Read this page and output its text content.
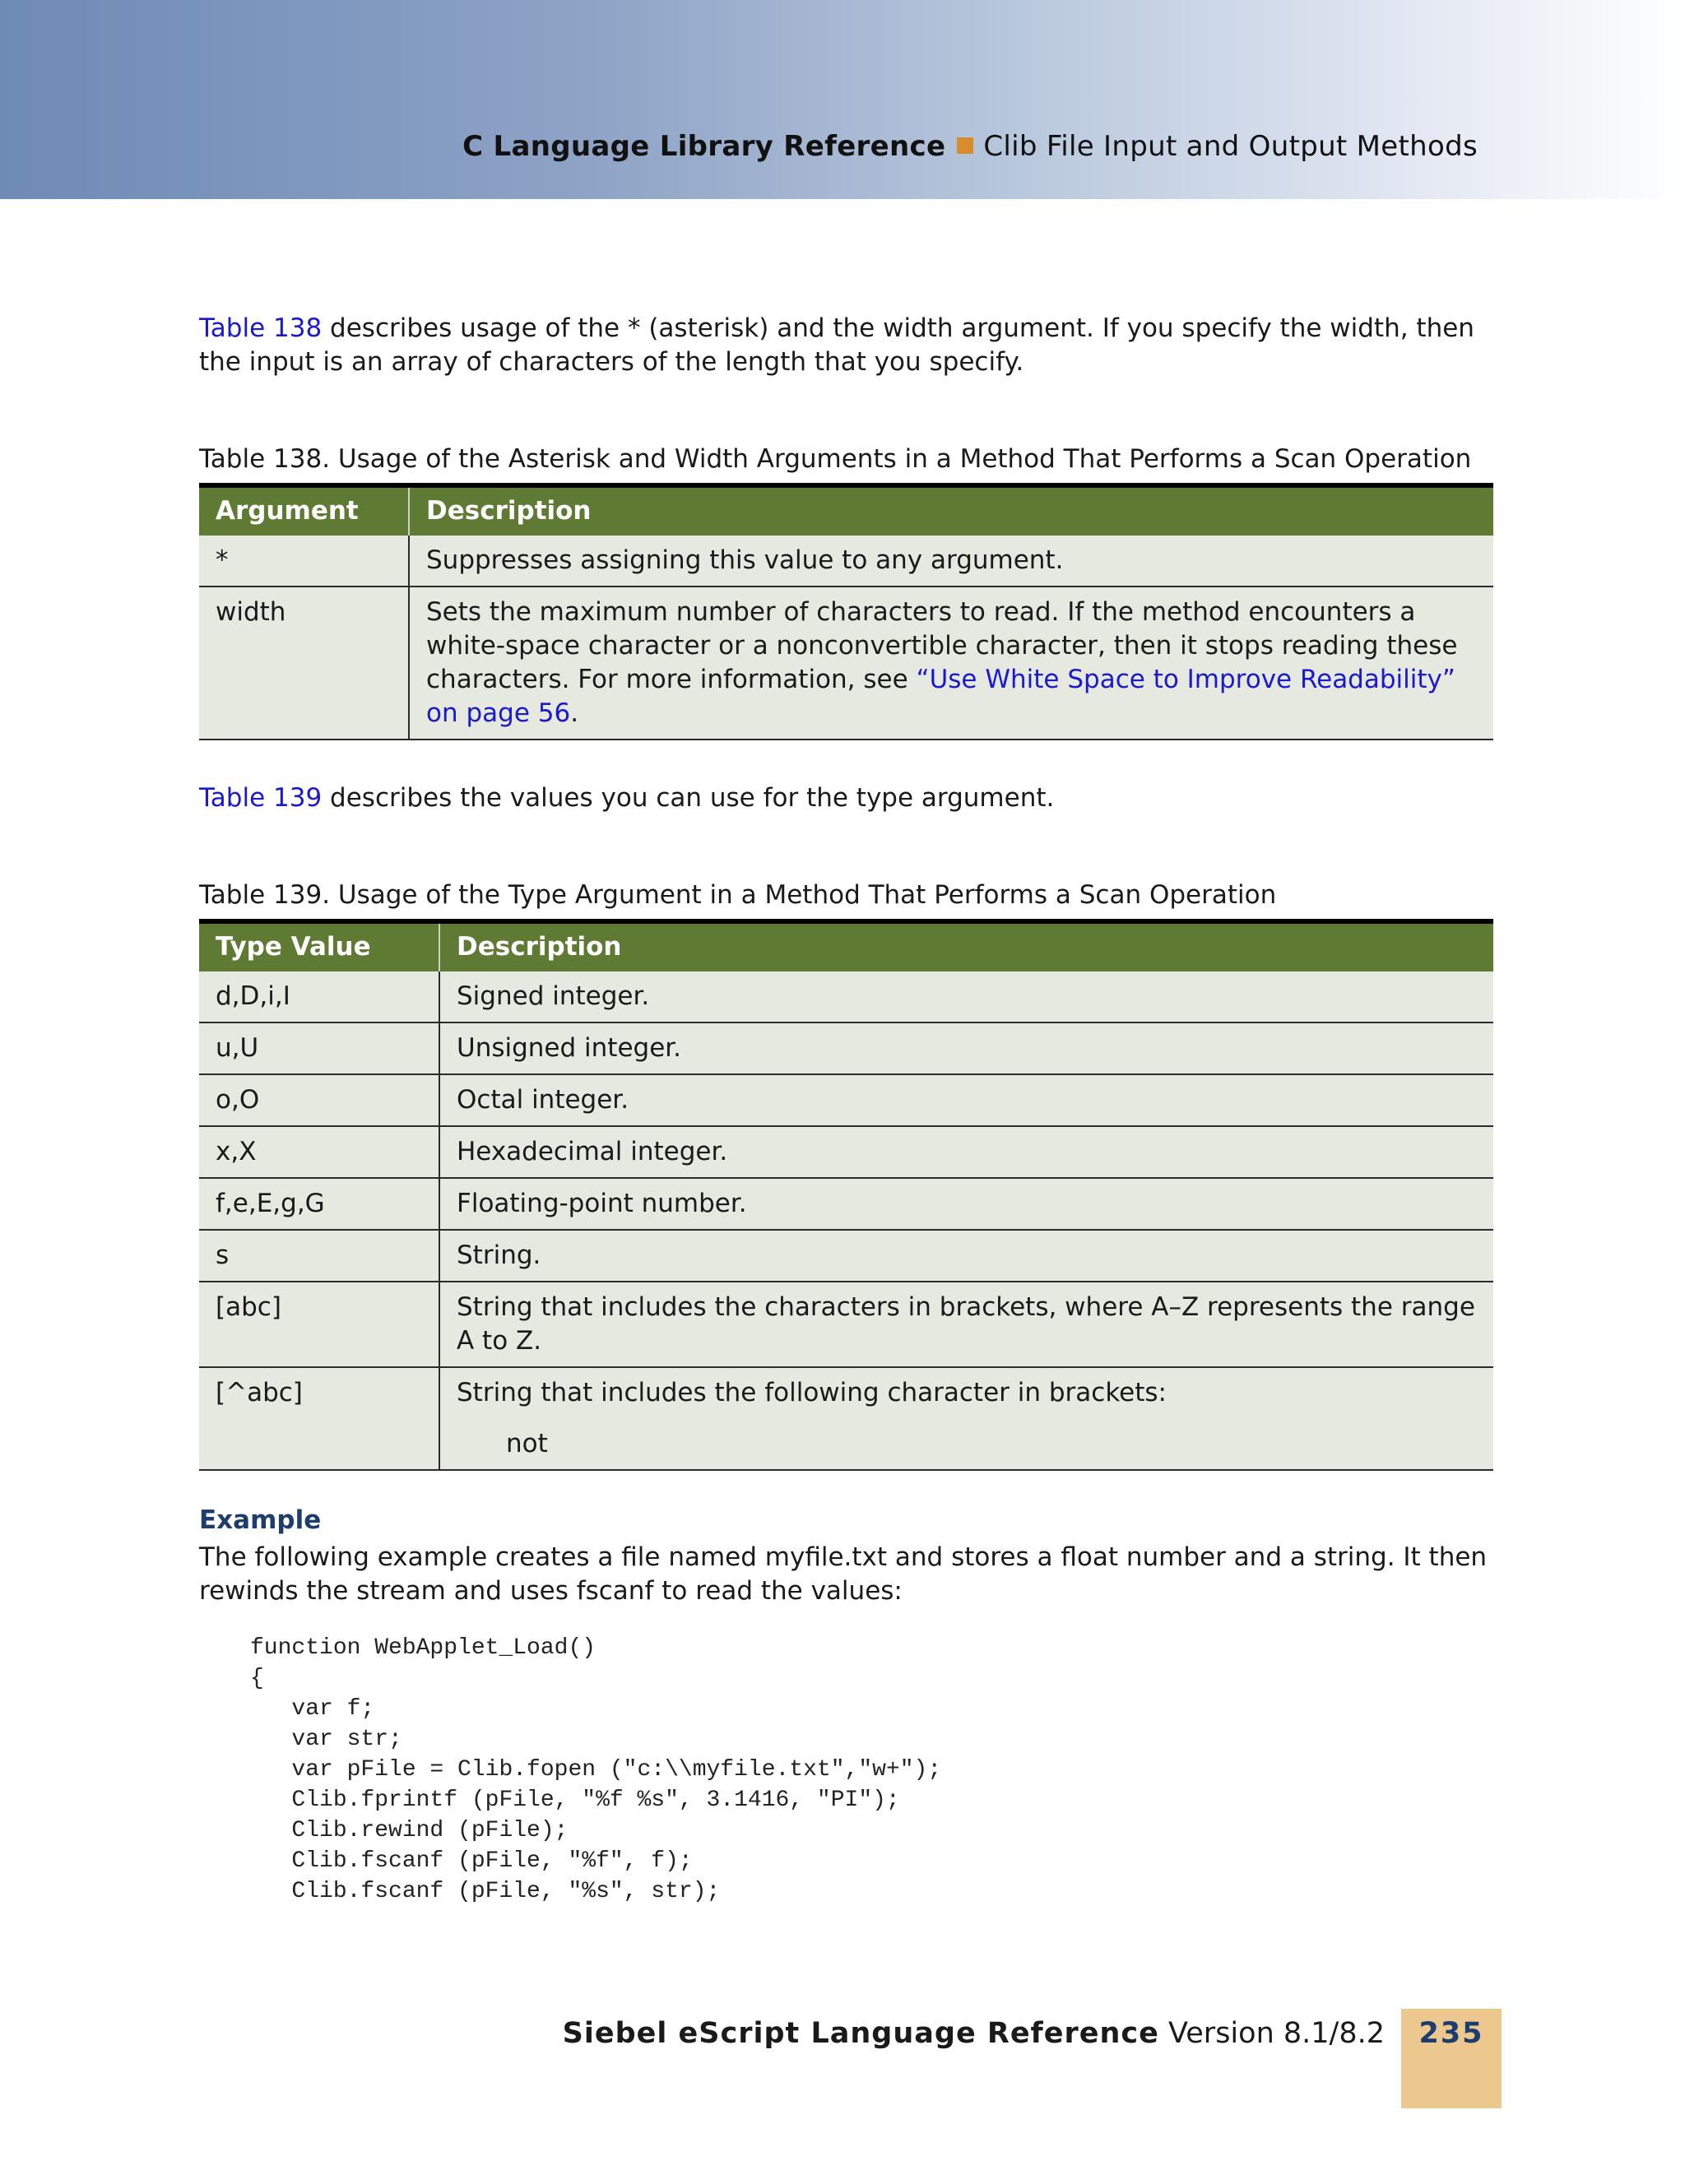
C Language Library Reference Clib File Input and Output Methods

Table 138 describes usage of the * (asterisk) and the width argument. If you specify the width, then the input is an array of characters of the length that you specify.

Table 138. Usage of the Asterisk and Width Arguments in a Method That Performs a Scan Operation
Argument	Description
*	Suppresses assigning this value to any argument.
width	Sets the maximum number of characters to read. If the method encounters a white-space character or a nonconvertible character, then it stops reading these characters. For more information, see “Use White Space to Improve Readability” on page 56.

Table 139 describes the values you can use for the type argument.

Table 139. Usage of the Type Argument in a Method That Performs a Scan Operation
Type Value	Description
d,D,i,I	Signed integer.
u,U	Unsigned integer.
o,O	Octal integer.
x,X	Hexadecimal integer.
f,e,E,g,G	Floating-point number.
s	String.
[abc]	String that includes the characters in brackets, where A–Z represents the range A to Z.
[^abc]	String that includes the following character in brackets:
not
Example

The following example creates a file named myfile.txt and stores a float number and a string. It then rewinds the stream and uses fscanf to read the values:

function WebApplet_Load()
{
var f;
var str;
var pFile = Clib.fopen ("c:\\myfile.txt","w+");
Clib.fprintf (pFile, "%f %s", 3.1416, "PI");
Clib.rewind (pFile);
Clib.fscanf (pFile, "%f", f);
Clib.fscanf (pFile, "%s", str);
Siebel eScript Language Reference Version 8.1/8.2	235
